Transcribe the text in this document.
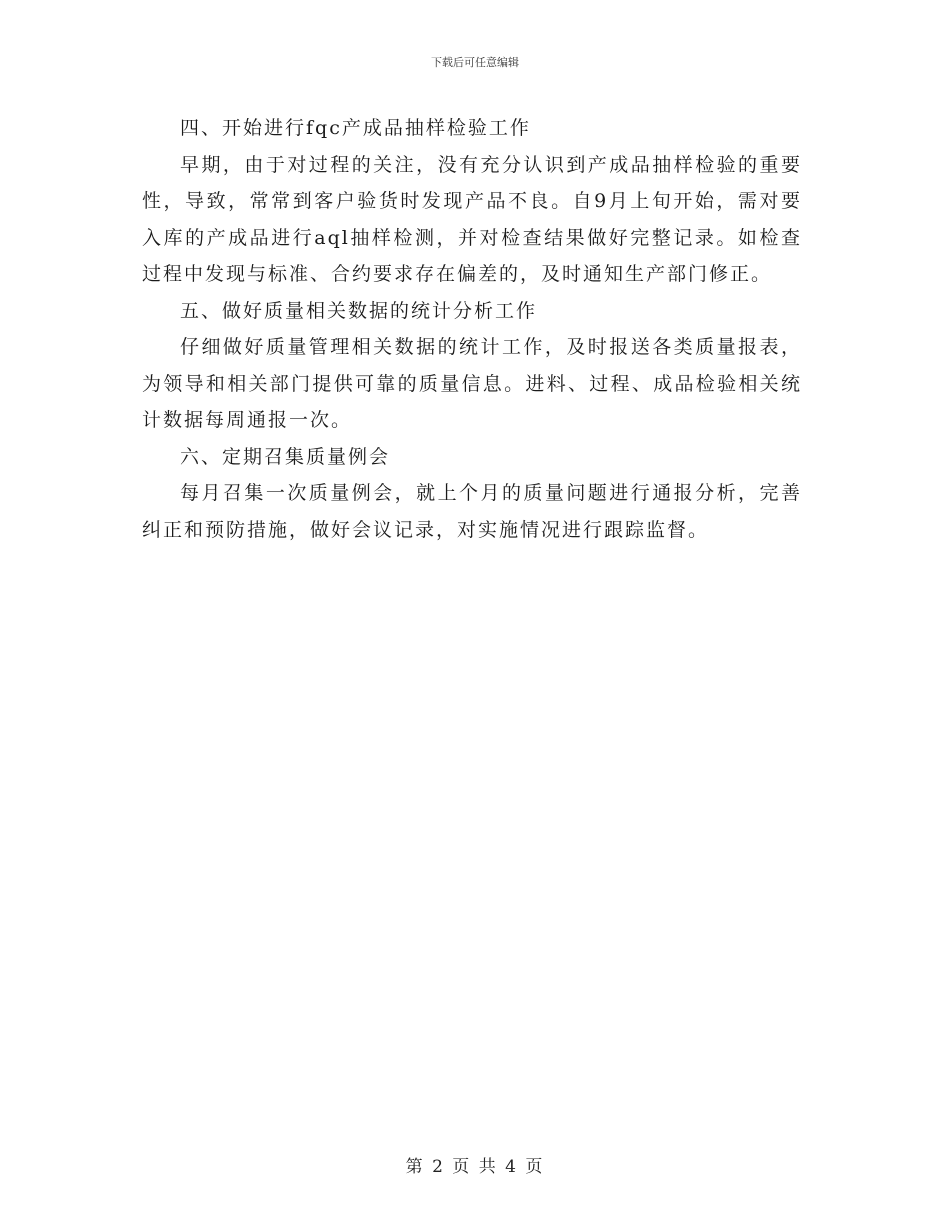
下载后可任意编辑

四、开始进行fqc产成品抽样检验工作

早期，由于对过程的关注，没有充分认识到产成品抽样检验的重要性，导致，常常到客户验货时发现产品不良。自9月上旬开始，需对要入库的产成品进行aql抽样检测，并对检查结果做好完整记录。如检查过程中发现与标准、合约要求存在偏差的，及时通知生产部门修正。

五、做好质量相关数据的统计分析工作

仔细做好质量管理相关数据的统计工作，及时报送各类质量报表，为领导和相关部门提供可靠的质量信息。进料、过程、成品检验相关统计数据每周通报一次。

六、定期召集质量例会

每月召集一次质量例会，就上个月的质量问题进行通报分析，完善纠正和预防措施，做好会议记录，对实施情况进行跟踪监督。

第 2 页 共 4 页
